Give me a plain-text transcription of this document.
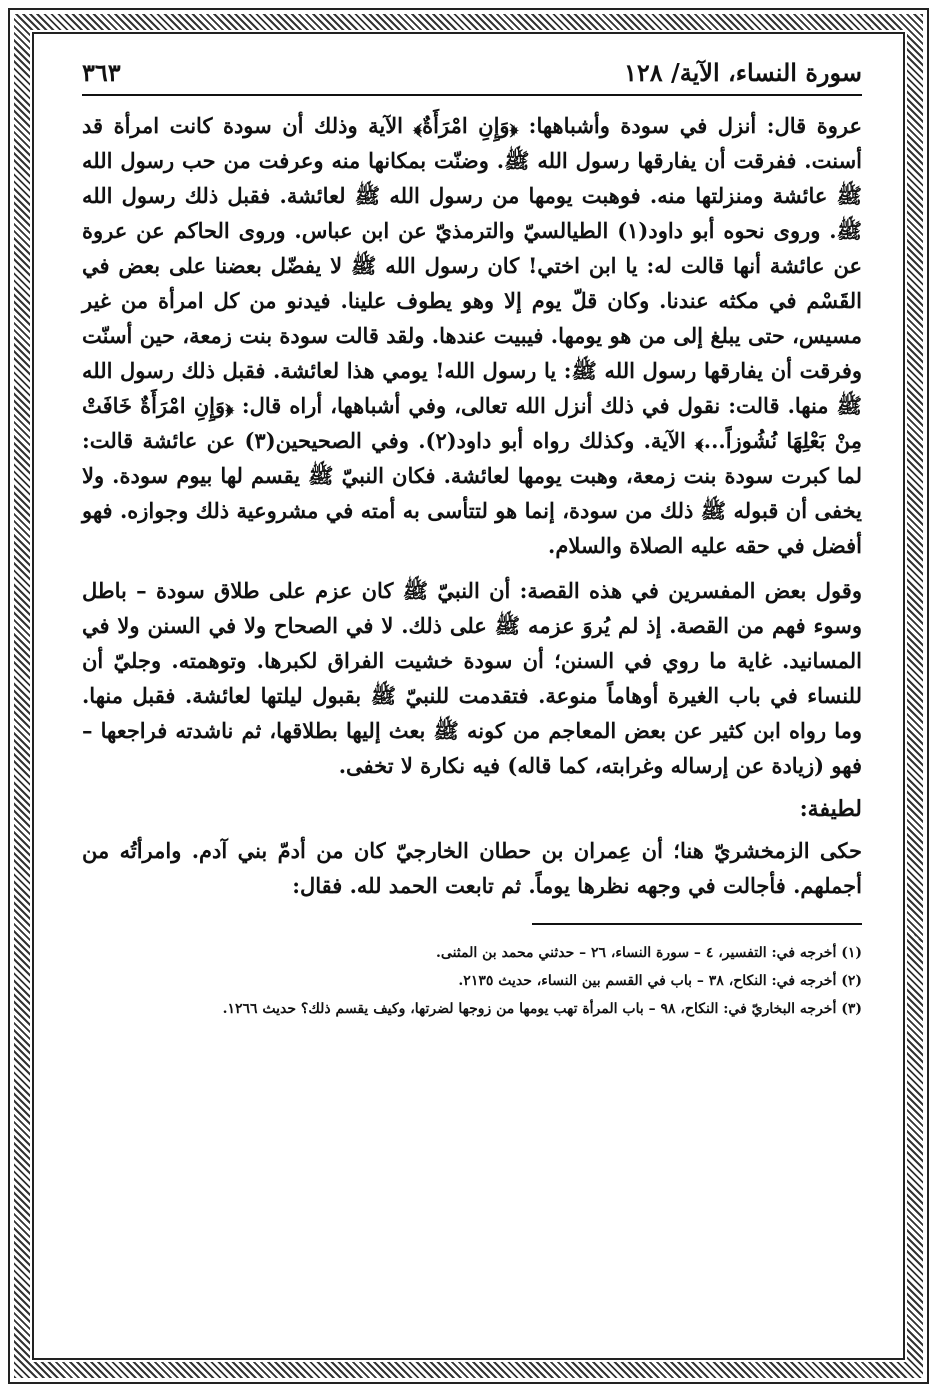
سورة النساء، الآية/ ١٢٨
٣٦٣

عروة قال: أنزل في سودة وأشباهها: ﴿وَإِنِ امْرَأَةٌ﴾ الآية وذلك أن سودة كانت امرأة قد أسنت. ففرقت أن يفارقها رسول الله ﷺ. وضنّت بمكانها منه وعرفت من حب رسول الله ﷺ عائشة ومنزلتها منه. فوهبت يومها من رسول الله ﷺ لعائشة. فقبل ذلك رسول الله ﷺ. وروى نحوه أبو داود(١) الطيالسيّ والترمذيّ عن ابن عباس. وروى الحاكم عن عروة عن عائشة أنها قالت له: يا ابن اختي! كان رسول الله ﷺ لا يفضّل بعضنا على بعض في القَسْم في مكثه عندنا. وكان قلّ يوم إلا وهو يطوف علينا. فيدنو من كل امرأة من غير مسيس، حتى يبلغ إلى من هو يومها. فيبيت عندها. ولقد قالت سودة بنت زمعة، حين أسنّت وفرقت أن يفارقها رسول الله ﷺ: يا رسول الله! يومي هذا لعائشة. فقبل ذلك رسول الله ﷺ منها. قالت: نقول في ذلك أنزل الله تعالى، وفي أشباهها، أراه قال: ﴿وَإِنِ امْرَأَةٌ خَافَتْ مِنْ بَعْلِهَا نُشُوزاً...﴾ الآية. وكذلك رواه أبو داود(٢). وفي الصحيحين(٣) عن عائشة قالت: لما كبرت سودة بنت زمعة، وهبت يومها لعائشة. فكان النبيّ ﷺ يقسم لها بيوم سودة. ولا يخفى أن قبوله ﷺ ذلك من سودة، إنما هو لتتأسى به أمته في مشروعية ذلك وجوازه. فهو أفضل في حقه عليه الصلاة والسلام.

وقول بعض المفسرين في هذه القصة: أن النبيّ ﷺ كان عزم على طلاق سودة – باطل وسوء فهم من القصة. إذ لم يُروَ عزمه ﷺ على ذلك. لا في الصحاح ولا في السنن ولا في المسانيد. غاية ما روي في السنن؛ أن سودة خشيت الفراق لكبرها. وتوهمته. وجليّ أن للنساء في باب الغيرة أوهاماً منوعة. فتقدمت للنبيّ ﷺ بقبول ليلتها لعائشة. فقبل منها. وما رواه ابن كثير عن بعض المعاجم من كونه ﷺ بعث إليها بطلاقها، ثم ناشدته فراجعها – فهو (زيادة عن إرساله وغرابته، كما قاله) فيه نكارة لا تخفى.

لطيفة:

حكى الزمخشريّ هنا؛ أن عِمران بن حطان الخارجيّ كان من أدمّ بني آدم. وامرأتُه من أجملهم. فأجالت في وجهه نظرها يوماً. ثم تابعت الحمد لله. فقال:

(١) أخرجه في: التفسير، ٤ – سورة النساء، ٢٦ – حدثني محمد بن المثنى.
(٢) أخرجه في: النكاح، ٣٨ – باب في القسم بين النساء، حديث ٢١٣٥.
(٣) أخرجه البخاريّ في: النكاح، ٩٨ – باب المرأة تهب يومها من زوجها لضرتها، وكيف يقسم ذلك؟ حديث ١٢٦٦.
